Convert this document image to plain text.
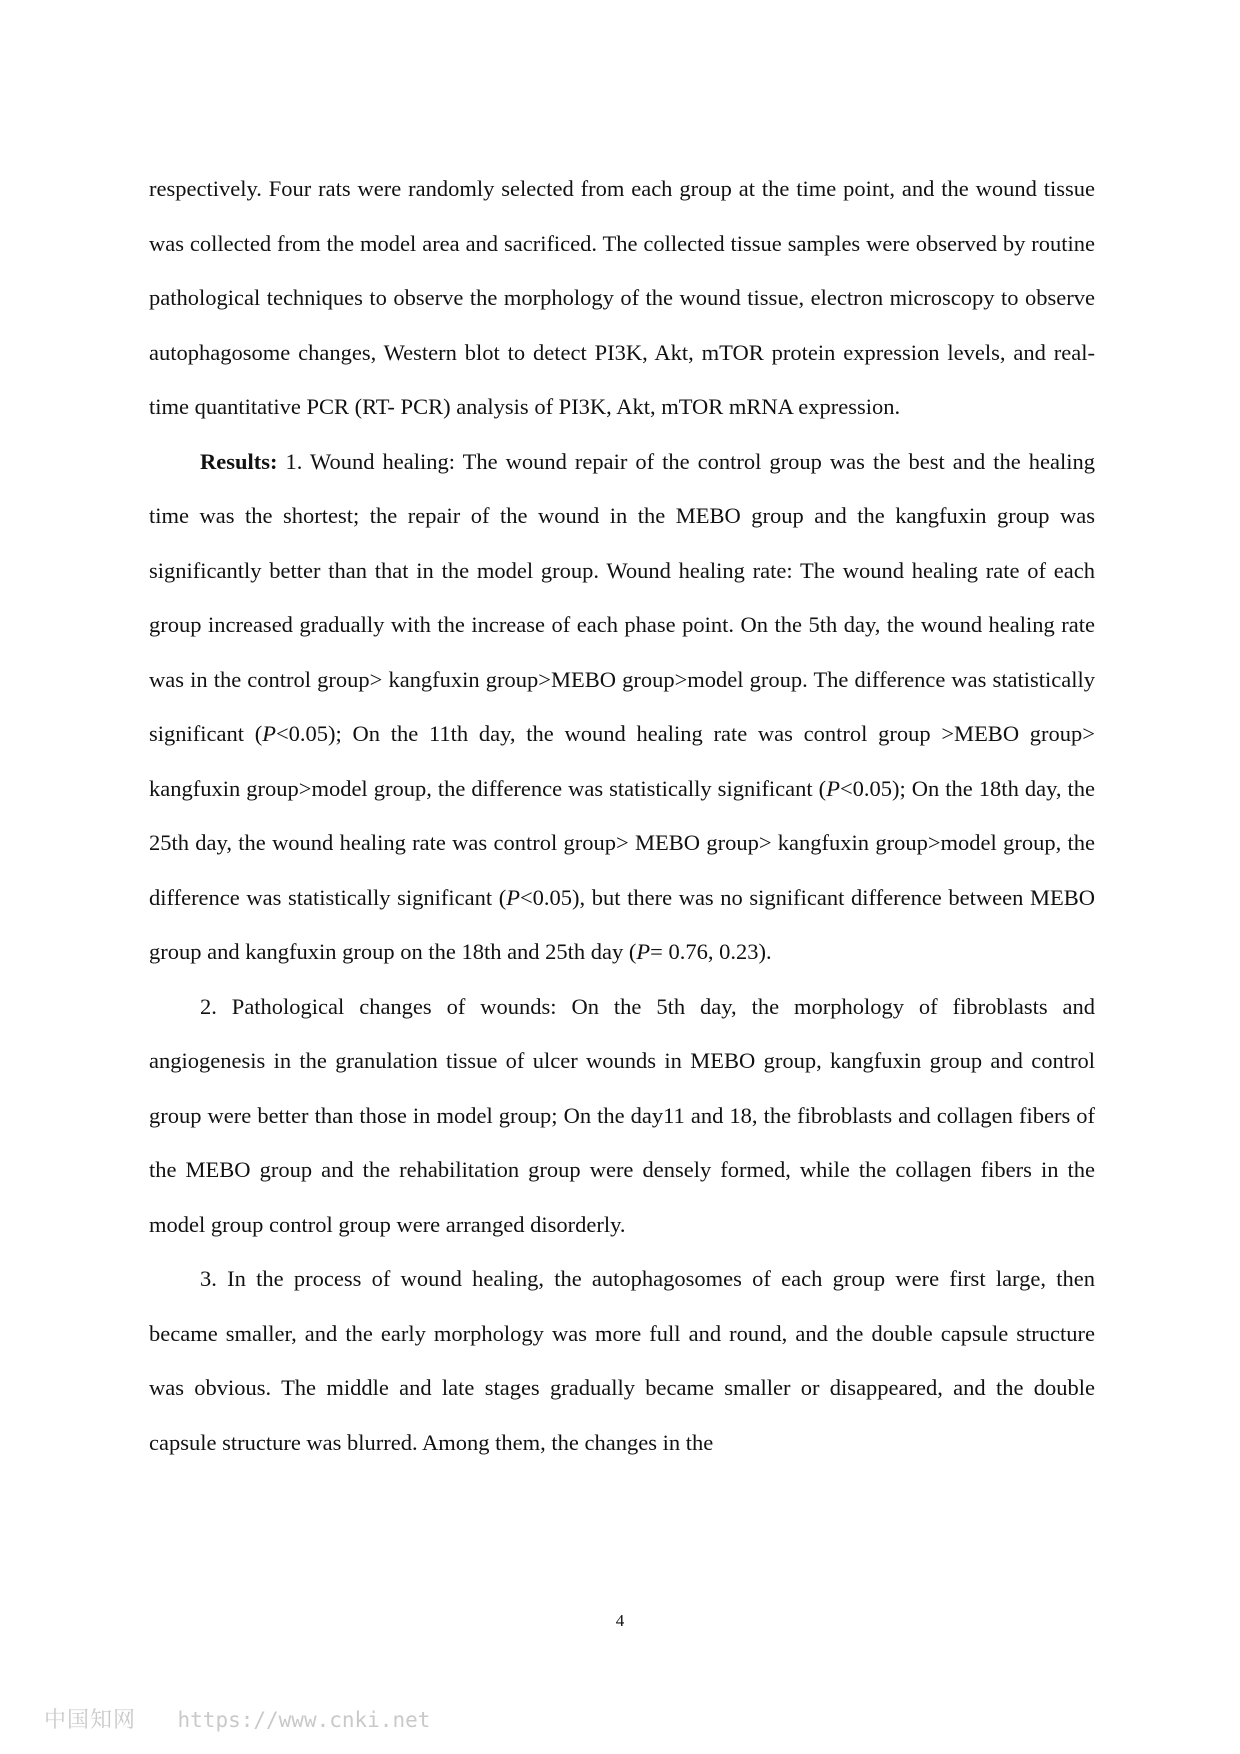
respectively. Four rats were randomly selected from each group at the time point, and the wound tissue was collected from the model area and sacrificed. The collected tissue samples were observed by routine pathological techniques to observe the morphology of the wound tissue, electron microscopy to observe autophagosome changes, Western blot to detect PI3K, Akt, mTOR protein expression levels, and real-time quantitative PCR (RT- PCR) analysis of PI3K, Akt, mTOR mRNA expression.

Results: 1. Wound healing: The wound repair of the control group was the best and the healing time was the shortest; the repair of the wound in the MEBO group and the kangfuxin group was significantly better than that in the model group. Wound healing rate: The wound healing rate of each group increased gradually with the increase of each phase point. On the 5th day, the wound healing rate was in the control group> kangfuxin group>MEBO group>model group. The difference was statistically significant (P<0.05); On the 11th day, the wound healing rate was control group >MEBO group> kangfuxin group>model group, the difference was statistically significant (P<0.05); On the 18th day, the 25th day, the wound healing rate was control group> MEBO group> kangfuxin group>model group, the difference was statistically significant (P<0.05), but there was no significant difference between MEBO group and kangfuxin group on the 18th and 25th day (P= 0.76, 0.23).

2. Pathological changes of wounds: On the 5th day, the morphology of fibroblasts and angiogenesis in the granulation tissue of ulcer wounds in MEBO group, kangfuxin group and control group were better than those in model group; On the day11 and 18, the fibroblasts and collagen fibers of the MEBO group and the rehabilitation group were densely formed, while the collagen fibers in the model group control group were arranged disorderly.

3. In the process of wound healing, the autophagosomes of each group were first large, then became smaller, and the early morphology was more full and round, and the double capsule structure was obvious. The middle and late stages gradually became smaller or disappeared, and the double capsule structure was blurred. Among them, the changes in the

4
中国知网 https://www.cnki.net
